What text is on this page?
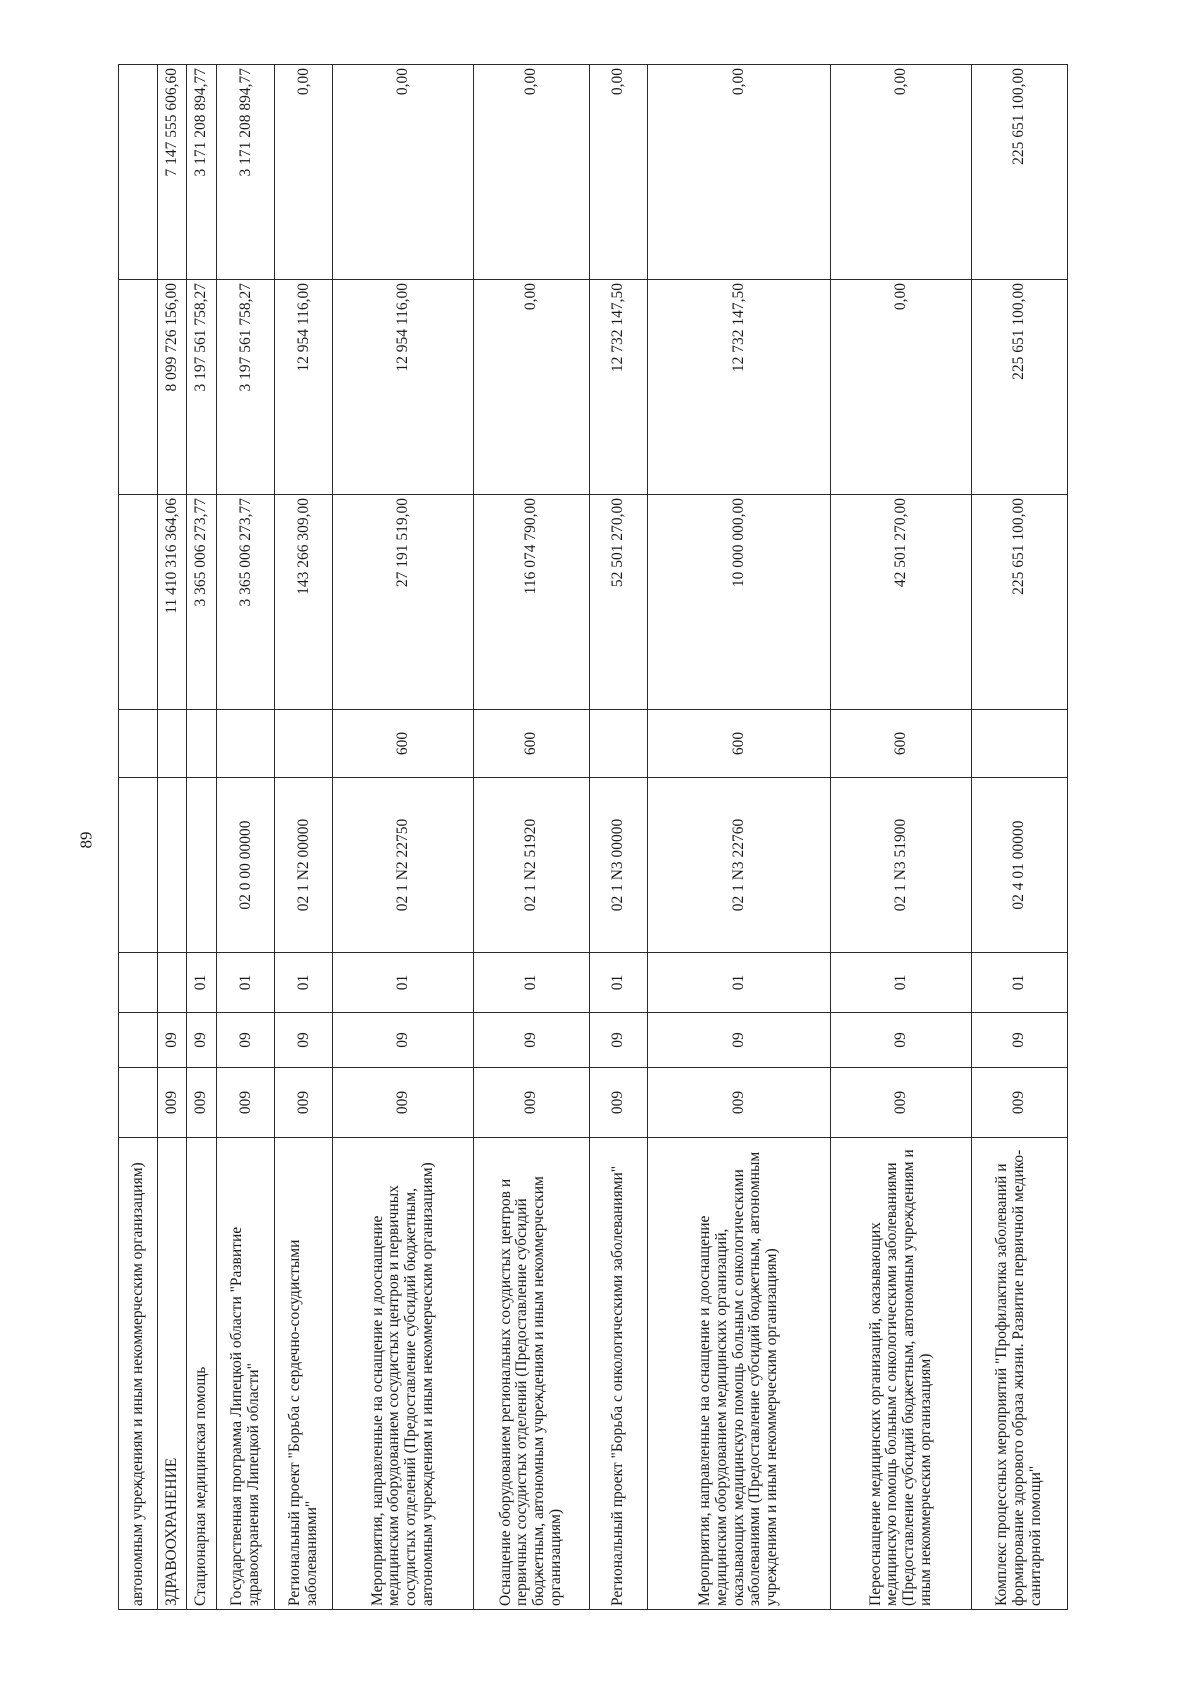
89
автономным учреждениям и иным некоммерческим организациям)								
ЗДРАВООХРАНЕНИЕ	009	09				11 410 316 364,06	8 099 726 156,00	7 147 555 606,60
Стационарная медицинская помощь	009	09	01			3 365 006 273,77	3 197 561 758,27	3 171 208 894,77
Государственная программа Липецкой области "Развитие здравоохранения Липецкой области"	009	09	01	02 0 00 00000		3 365 006 273,77	3 197 561 758,27	3 171 208 894,77
Региональный проект "Борьба с сердечно-сосудистыми заболеваниями"	009	09	01	02 1 N2 00000		143 266 309,00	12 954 116,00	0,00
Мероприятия, направленные на оснащение и дооснащение медицинским оборудованием сосудистых центров и первичных сосудистых отделений (Предоставление субсидий бюджетным, автономным учреждениям и иным некоммерческим организациям)	009	09	01	02 1 N2 22750	600	27 191 519,00	12 954 116,00	0,00
Оснащение оборудованием региональных сосудистых центров и первичных сосудистых отделений (Предоставление субсидий бюджетным, автономным учреждениям и иным некоммерческим организациям)	009	09	01	02 1 N2 51920	600	116 074 790,00	0,00	0,00
Региональный проект "Борьба с онкологическими заболеваниями"	009	09	01	02 1 N3 00000		52 501 270,00	12 732 147,50	0,00
Мероприятия, направленные на оснащение и дооснащение медицинским оборудованием медицинских организаций, оказывающих медицинскую помощь больным с онкологическими заболеваниями (Предоставление субсидий бюджетным, автономным учреждениям и иным некоммерческим организациям)	009	09	01	02 1 N3 22760	600	10 000 000,00	12 732 147,50	0,00
Переоснащение медицинских организаций, оказывающих медицинскую помощь больным с онкологическими заболеваниями (Предоставление субсидий бюджетным, автономным учреждениям и иным некоммерческим организациям)	009	09	01	02 1 N3 51900	600	42 501 270,00	0,00	0,00
Комплекс процессных мероприятий "Профилактика заболеваний и формирование здорового образа жизни. Развитие первичной медико-санитарной помощи"	009	09	01	02 4 01 00000		225 651 100,00	225 651 100,00	225 651 100,00
